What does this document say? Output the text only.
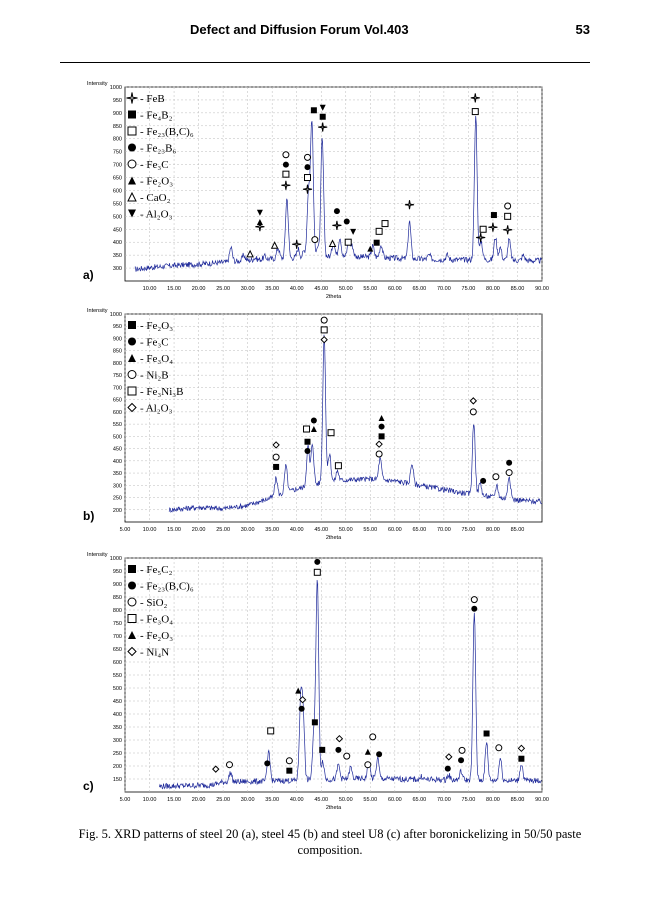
Defect and Diffusion Forum Vol.403	53
300
350
400
450
500
550
600
650
700
750
800
850
900
950
1000
10.00 15.00 20.00 25.00 30.00 35.00 40.00 45.00 50.00 55.00 60.00 65.00 70.00 75.00 80.00 85.00 90.00
Intensity
2theta
- FeB
- Fe₄B₂
- Fe₂₃(B,C)₆
- Fe₂₃B₆
- Fe₃C
- Fe₂O₃
- CaO₂
- Al₂O₃
a)
200
250
300
350
400
450
500
550
600
650
700
750
800
850
900
950
1000
5.00 10.00 15.00 20.00 25.00 30.00 35.00 40.00 45.00 50.00 55.00 60.00 65.00 70.00 75.00 80.00 85.00
Intensity
2theta
- Fe₂O₃
- Fe₃C
- Fe₃O₄
- Ni₂B
- Fe₃Ni₃B
- Al₂O₃
b)
150
200
250
300
350
400
450
500
550
600
650
700
750
800
850
900
950
1000
5.00 10.00 15.00 20.00 25.00 30.00 35.00 40.00 45.00 50.00 55.00 60.00 65.00 70.00 75.00 80.00 85.00 90.00
Intensity
2theta
- Fe₅C₂
- Fe₂₃(B,C)₆
- SiO₂
- Fe₃O₄
- Fe₂O₃
- Ni₄N
c)
Fig. 5. XRD patterns of steel 20 (a), steel 45 (b) and steel U8 (c) after boronickelizing in 50/50 paste composition.
